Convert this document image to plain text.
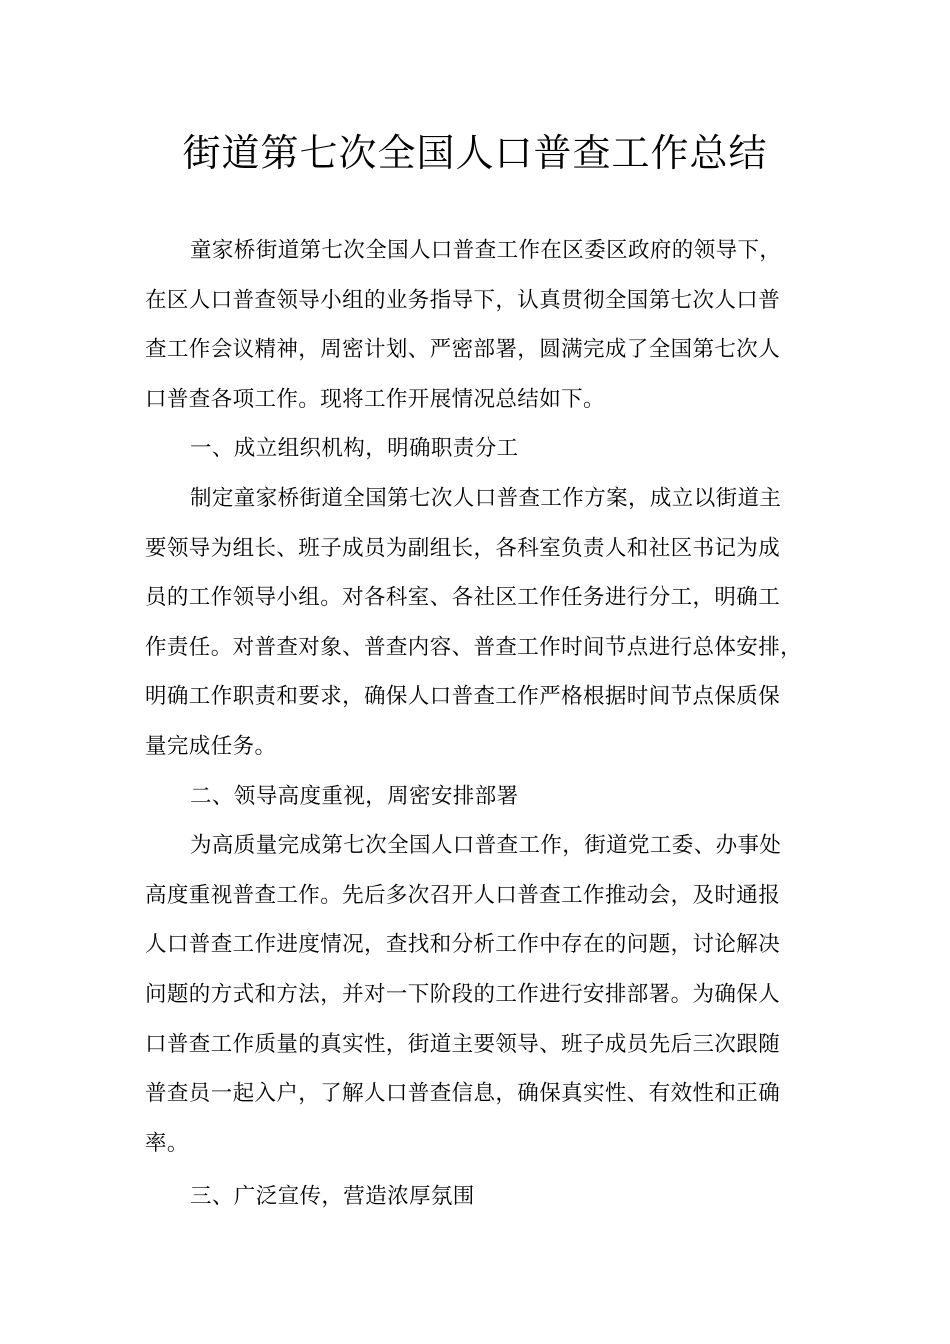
街道第七次全国人口普查工作总结
童家桥街道第七次全国人口普查工作在区委区政府的领导下，
在区人口普查领导小组的业务指导下，认真贯彻全国第七次人口普
查工作会议精神，周密计划、严密部署，圆满完成了全国第七次人
口普查各项工作。现将工作开展情况总结如下。
一、成立组织机构，明确职责分工
制定童家桥街道全国第七次人口普查工作方案，成立以街道主
要领导为组长、班子成员为副组长，各科室负责人和社区书记为成
员的工作领导小组。对各科室、各社区工作任务进行分工，明确工
作责任。对普查对象、普查内容、普查工作时间节点进行总体安排，
明确工作职责和要求，确保人口普查工作严格根据时间节点保质保
量完成任务。
二、领导高度重视，周密安排部署
为高质量完成第七次全国人口普查工作，街道党工委、办事处
高度重视普查工作。先后多次召开人口普查工作推动会，及时通报
人口普查工作进度情况，查找和分析工作中存在的问题，讨论解决
问题的方式和方法，并对一下阶段的工作进行安排部署。为确保人
口普查工作质量的真实性，街道主要领导、班子成员先后三次跟随
普查员一起入户，了解人口普查信息，确保真实性、有效性和正确
率。
三、广泛宣传，营造浓厚氛围
